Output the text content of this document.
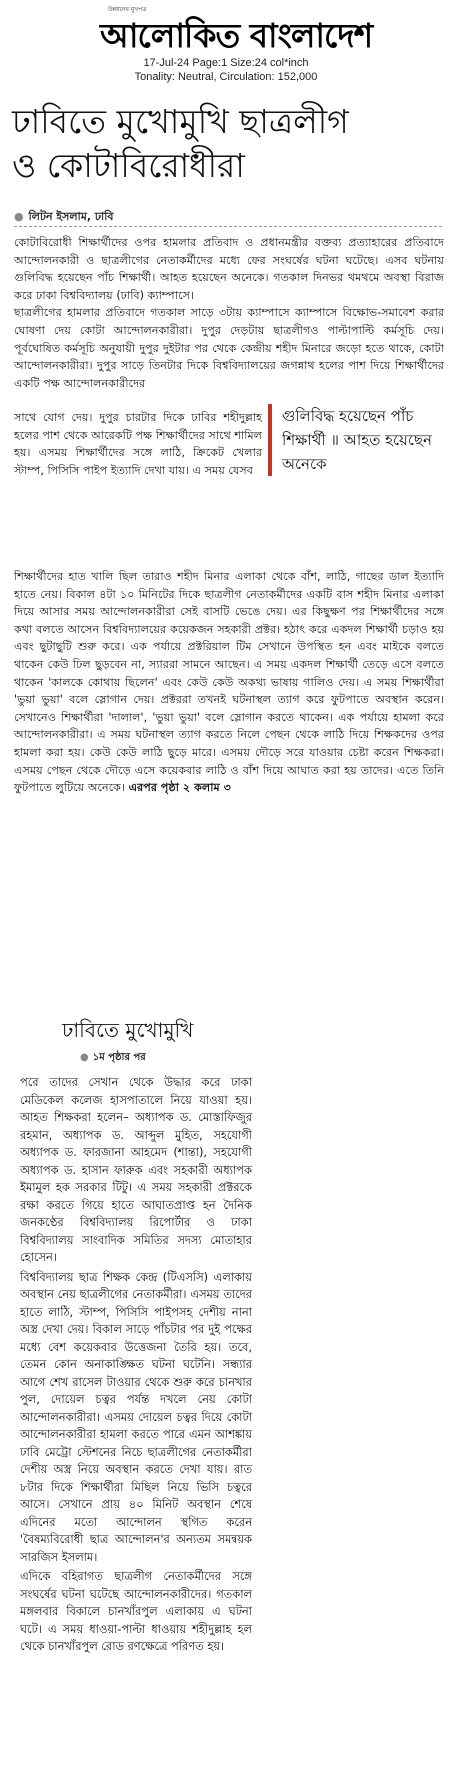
উন্নয়নের মুখপত্র
আলোকিত বাংলাদেশ
17-Jul-24 Page:1 Size:24 col*inch
Tonality: Neutral, Circulation: 152,000
ঢাবিতে মুখোমুখি ছাত্রলীগ
ও কোটাবিরোধীরা
● লিটন ইসলাম, ঢাবি
কোটাবিরোধী শিক্ষার্থীদের ওপর হামলার প্রতিবাদ ও প্রধানমন্ত্রীর বক্তব্য প্রত্যাহারের প্রতিবাদে আন্দোলনকারী ও ছাত্রলীগের নেতাকর্মীদের মধ্যে ফের সংঘর্ষের ঘটনা ঘটেছে। এসব ঘটনায় গুলিবিদ্ধ হয়েছেন পাঁচ শিক্ষার্থী। আহত হয়েছেন অনেকে। গতকাল দিনভর থমথমে অবস্থা বিরাজ করে ঢাকা বিশ্ববিদ্যালয় (ঢাবি) ক্যাম্পাসে।
ছাত্রলীগের হামলার প্রতিবাদে গতকাল সাড়ে ৩টায় ক্যাম্পাসে ক্যাম্পাসে বিক্ষোভ-সমাবেশ করার ঘোষণা দেয় কোটা আন্দোলনকারীরা। দুপুর দেড়টায় ছাত্রলীগও পাল্টাপাল্টি কর্মসূচি দেয়। পূর্বঘোষিত কর্মসূচি অনুযায়ী দুপুর দুইটার পর থেকে কেন্দ্রীয় শহীদ মিনারে জড়ো হতে থাকে, কোটা আন্দোলনকারীরা। দুপুর সাড়ে তিনটার দিকে বিশ্ববিদ্যালয়ের জগন্নাথ হলের পাশ দিয়ে শিক্ষার্থীদের একটি পক্ষ আন্দোলনকারীদের
সাথে যোগ দেয়। দুপুর চারটার দিকে ঢাবির শহীদুল্লাহ হলের পাশ থেকে আরেকটি পক্ষ শিক্ষার্থীদের সাথে শামিল হয়। এসময় শিক্ষার্থীদের সঙ্গে লাঠি, ক্রিকেট খেলার স্টাম্প, পিসিসি পাইপ ইত্যাদি দেখা যায়। এ সময় যেসব
গুলিবিদ্ধ হয়েছেন পাঁচ শিক্ষার্থী ॥ আহত হয়েছেন অনেকে
শিক্ষার্থীদের হাত খালি ছিল তারাও শহীদ মিনার এলাকা থেকে বাঁশ, লাঠি, গাছের ডাল ইত্যাদি হাতে নেয়। বিকাল ৪টা ১০ মিনিটের দিকে ছাত্রলীগ নেতাকর্মীদের একটি বাস শহীদ মিনার এলাকা দিয়ে আসার সময় আন্দোলনকারীরা সেই বাসটি ভেঙে দেয়। এর কিছুক্ষণ পর শিক্ষার্থীদের সঙ্গে কথা বলতে আসেন বিশ্ববিদ্যালয়ের কয়েকজন সহকারী প্রক্টর। হঠাৎ করে একদল শিক্ষার্থী চড়াও হয় এবং ছুটাছুটি শুরু করে। এক পর্যায়ে প্রক্টরিয়াল টিম সেখানে উপস্থিত হন এবং মাইকে বলতে থাকেন কেউ ঢিল ছুড়বেন না, স্যাররা সামনে আছেন। এ সময় একদল শিক্ষার্থী তেড়ে এসে বলতে থাকেন 'কালকে কোথায় ছিলেন' এবং কেউ কেউ অকথ্য ভাষায় গালিও দেয়। এ সময় শিক্ষার্থীরা 'ভুয়া ভুয়া' বলে স্লোগান দেয়। প্রক্টররা তখনই ঘটনাস্থল ত্যাগ করে ফুটপাতে অবস্থান করেন। সেখানেও শিক্ষার্থীরা 'দালাল', 'ভুয়া ভুয়া' বলে স্লোগান করতে থাকেন। এক পর্যায়ে হামলা করে আন্দোলনকারীরা। এ সময় ঘটনাস্থল ত্যাগ করতে নিলে পেছন থেকে লাঠি দিয়ে শিক্ষকদের ওপর হামলা করা হয়। কেউ কেউ লাঠি ছুড়ে মারে। এসময় দৌড়ে সরে যাওয়ার চেষ্টা করেন শিক্ষকরা। এসময় পেছন থেকে দৌড়ে এসে কয়েকবার লাঠি ও বাঁশ দিয়ে আঘাত করা হয় তাদের। এতে তিনি ফুটপাতে লুটিয়ে অনেকে। এরপর পৃষ্ঠা ২ কলাম ৩
ঢাবিতে মুখোমুখি
● ১ম পৃষ্ঠার পর

পরে তাদের সেখান থেকে উদ্ধার করে ঢাকা মেডিকেল কলেজ হাসপাতালে নিয়ে যাওয়া হয়। আহত শিক্ষকরা হলেন– অধ্যাপক ড. মোস্তাফিজুর রহমান, অধ্যাপক ড. আব্দুল মুহিত, সহযোগী অধ্যাপক ড. ফারজানা আহমেদ (শান্তা), সহযোগী অধ্যাপক ড. হাসান ফারুক এবং সহকারী অধ্যাপক ইমামুল হক সরকার টিটু। এ সময় সহকারী প্রক্টরকে রক্ষা করতে গিয়ে হাতে আঘাতপ্রাপ্ত হন দৈনিক জনকণ্ঠের বিশ্ববিদ্যালয় রিপোর্টার ও ঢাকা বিশ্ববিদ্যালয় সাংবাদিক সমিতির সদস্য মোতাহার হোসেন।

বিশ্ববিদ্যালয় ছাত্র শিক্ষক কেন্দ্র (টিএসসি) এলাকায় অবস্থান নেয় ছাত্রলীগের নেতাকর্মীরা। এসময় তাদের হাতে লাঠি, স্টাম্প, পিসিসি পাইপসহ দেশীয় নানা অস্ত্র দেখা দেয়। বিকাল সাড়ে পাঁচটার পর দুই পক্ষের মধ্যে বেশ কয়েকবার উত্তেজনা তৈরি হয়। তবে, তেমন কোন অনাকাঙ্ক্ষিত ঘটনা ঘটেনি। সন্ধ্যার আগে শেখ রাসেল টাওয়ার থেকে শুরু করে চানখার পুল, দোয়েল চত্বর পর্যন্ত দখলে নেয় কোটা আন্দোলনকারীরা। এসময় দোয়েল চত্বর দিয়ে কোটা আন্দোলনকারীরা হামলা করতে পারে এমন আশঙ্কায় ঢাবি মেট্রো স্টেশনের নিচে ছাত্রলীগের নেতাকর্মীরা দেশীয় অস্ত্র নিয়ে অবস্থান করতে দেখা যায়। রাত ৮টার দিকে শিক্ষার্থীরা মিছিল নিয়ে ভিসি চত্বরে আসে। সেখানে প্রায় ৪০ মিনিট অবস্থান শেষে এদিনের মতো আন্দোলন স্থগিত করেন 'বৈষম্যবিরোধী ছাত্র আন্দোলন'র অন্যতম সমন্বয়ক সারজিস ইসলাম।

এদিকে বহিরাগত ছাত্রলীগ নেতাকর্মীদের সঙ্গে সংঘর্ষের ঘটনা ঘটেছে আন্দোলনকারীদের। গতকাল মঙ্গলবার বিকালে চানখাঁরপুল এলাকায় এ ঘটনা ঘটে। এ সময় ধাওয়া-পাল্টা ধাওয়ায় শহীদুল্লাহ হল থেকে চানখাঁরপুল রোড রণক্ষেত্রে পরিণত হয়।
